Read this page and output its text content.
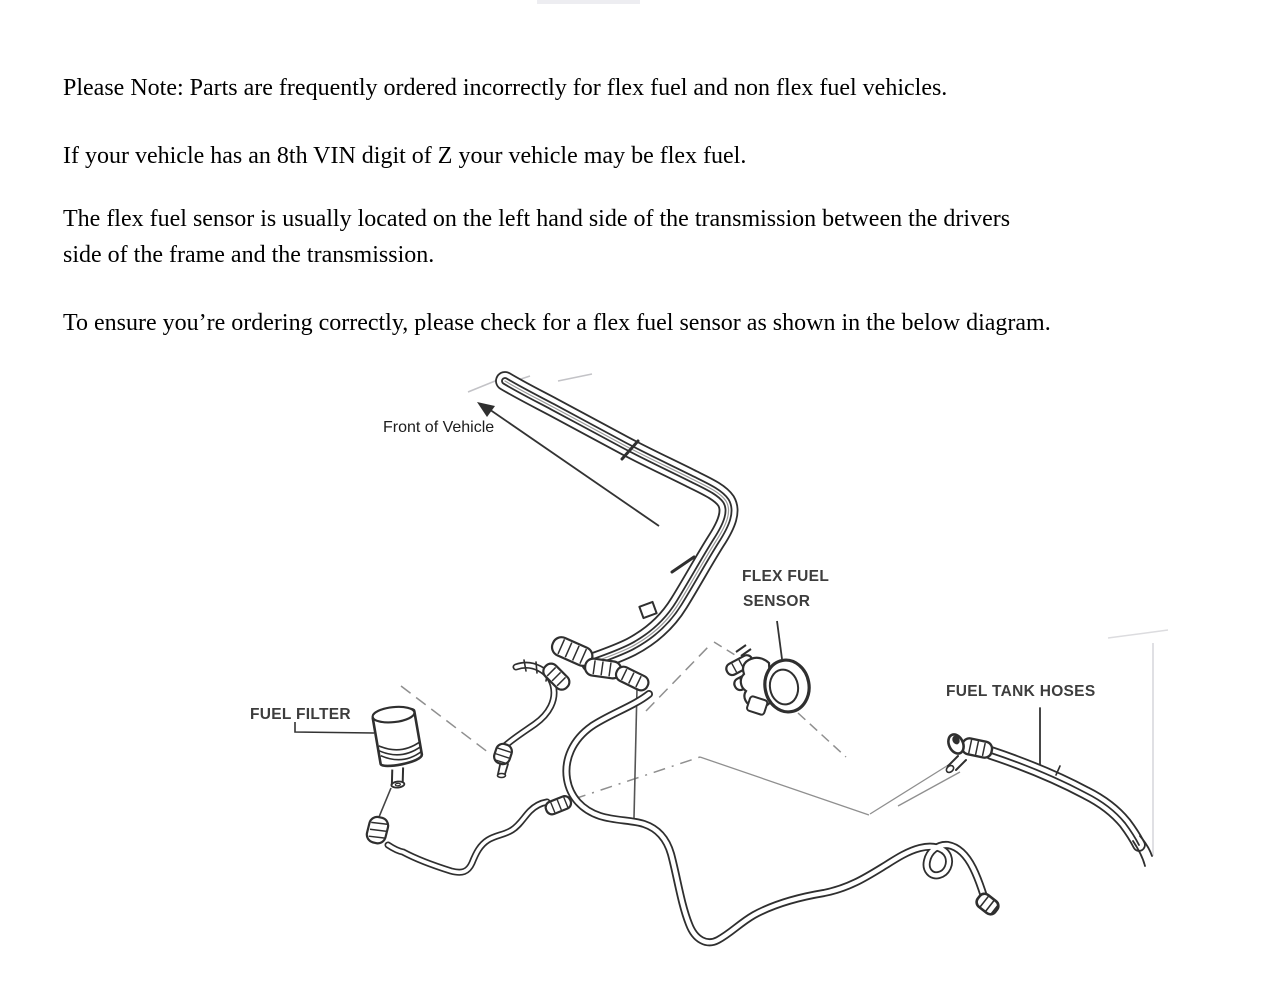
Please Note: Parts are frequently ordered incorrectly for flex fuel and non flex fuel vehicles.
If your vehicle has an 8th VIN digit of Z your vehicle may be flex fuel.
The flex fuel sensor is usually located on the left hand side of the transmission between the drivers
side of the frame and the transmission.
To ensure you’re ordering correctly, please check for a flex fuel sensor as shown in the below diagram.
Front of Vehicle
FLEX FUEL
SENSOR
FUEL TANK HOSES
FUEL FILTER
